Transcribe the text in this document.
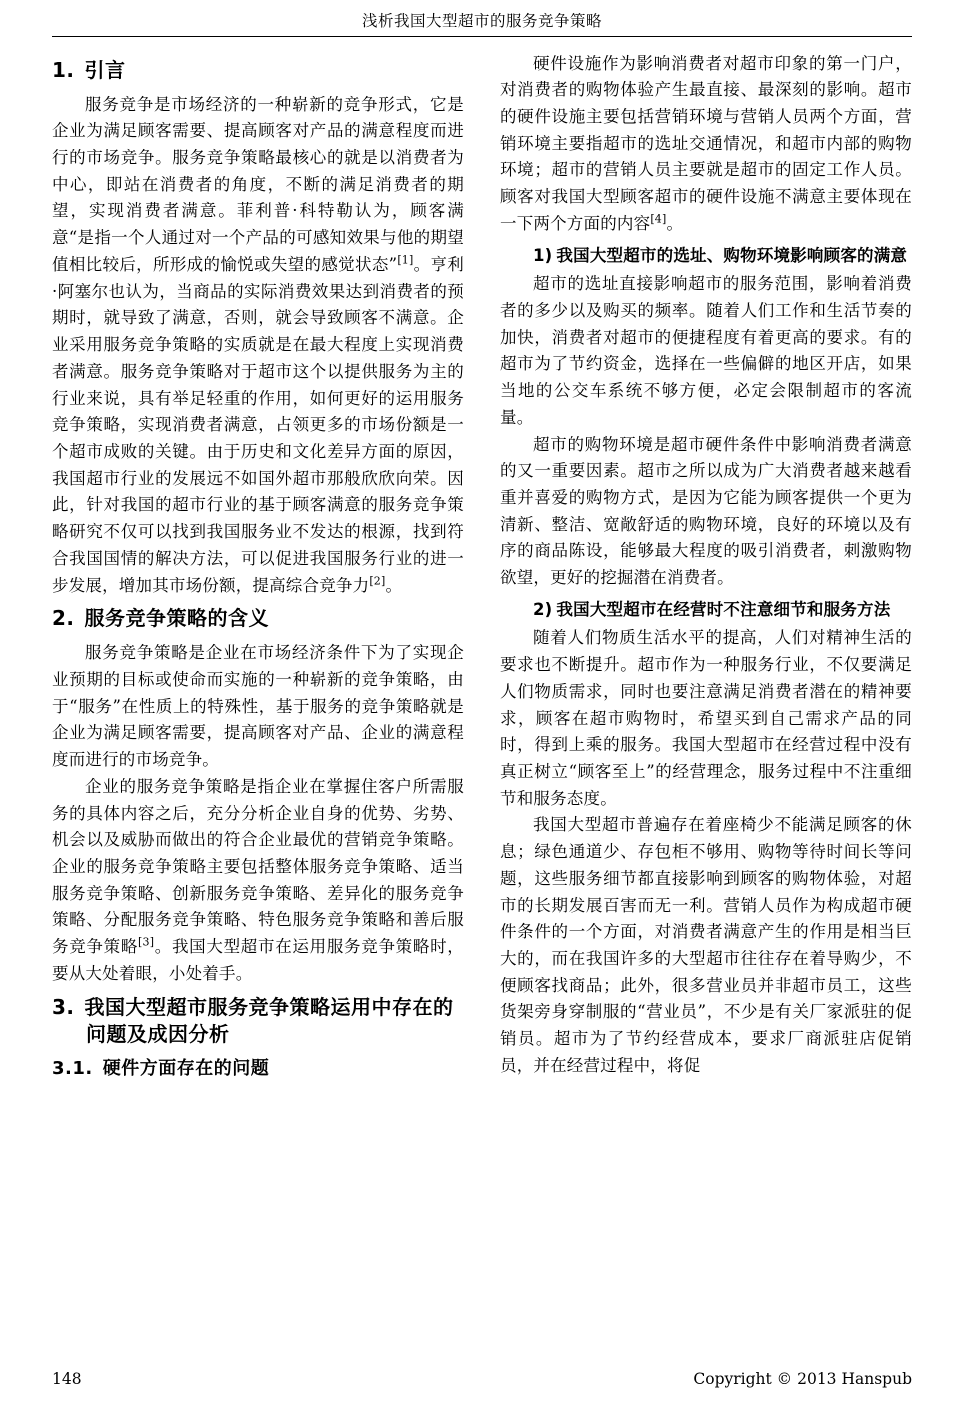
浅析我国大型超市的服务竞争策略
1. 引言

服务竞争是市场经济的一种崭新的竞争形式，它是企业为满足顾客需要、提高顾客对产品的满意程度而进行的市场竞争。服务竞争策略最核心的就是以消费者为中心，即站在消费者的角度，不断的满足消费者的期望，实现消费者满意。菲利普·科特勒认为，顾客满意“是指一个人通过对一个产品的可感知效果与他的期望值相比较后，所形成的愉悦或失望的感觉状态”[1]。亨利·阿塞尔也认为，当商品的实际消费效果达到消费者的预期时，就导致了满意，否则，就会导致顾客不满意。企业采用服务竞争策略的实质就是在最大程度上实现消费者满意。服务竞争策略对于超市这个以提供服务为主的行业来说，具有举足轻重的作用，如何更好的运用服务竞争策略，实现消费者满意，占领更多的市场份额是一个超市成败的关键。由于历史和文化差异方面的原因，我国超市行业的发展远不如国外超市那般欣欣向荣。因此，针对我国的超市行业的基于顾客满意的服务竞争策略研究不仅可以找到我国服务业不发达的根源，找到符合我国国情的解决方法，可以促进我国服务行业的进一步发展，增加其市场份额，提高综合竞争力[2]。

2. 服务竞争策略的含义

服务竞争策略是企业在市场经济条件下为了实现企业预期的目标或使命而实施的一种崭新的竞争策略，由于“服务”在性质上的特殊性，基于服务的竞争策略就是企业为满足顾客需要，提高顾客对产品、企业的满意程度而进行的市场竞争。

企业的服务竞争策略是指企业在掌握住客户所需服务的具体内容之后，充分分析企业自身的优势、劣势、机会以及威胁而做出的符合企业最优的营销竞争策略。企业的服务竞争策略主要包括整体服务竞争策略、适当服务竞争策略、创新服务竞争策略、差异化的服务竞争策略、分配服务竞争策略、特色服务竞争策略和善后服务竞争策略[3]。我国大型超市在运用服务竞争策略时，要从大处着眼，小处着手。

3. 我国大型超市服务竞争策略运用中存在的问题及成因分析
3.1. 硬件方面存在的问题

硬件设施作为影响消费者对超市印象的第一门户，对消费者的购物体验产生最直接、最深刻的影响。超市的硬件设施主要包括营销环境与营销人员两个方面，营销环境主要指超市的选址交通情况，和超市内部的购物环境；超市的营销人员主要就是超市的固定工作人员。顾客对我国大型顾客超市的硬件设施不满意主要体现在一下两个方面的内容[4]。

1) 我国大型超市的选址、购物环境影响顾客的满意

超市的选址直接影响超市的服务范围，影响着消费者的多少以及购买的频率。随着人们工作和生活节奏的加快，消费者对超市的便捷程度有着更高的要求。有的超市为了节约资金，选择在一些偏僻的地区开店，如果当地的公交车系统不够方便，必定会限制超市的客流量。

超市的购物环境是超市硬件条件中影响消费者满意的又一重要因素。超市之所以成为广大消费者越来越看重并喜爱的购物方式，是因为它能为顾客提供一个更为清新、整洁、宽敞舒适的购物环境，良好的环境以及有序的商品陈设，能够最大程度的吸引消费者，刺激购物欲望，更好的挖掘潜在消费者。

2) 我国大型超市在经营时不注意细节和服务方法

随着人们物质生活水平的提高，人们对精神生活的要求也不断提升。超市作为一种服务行业，不仅要满足人们物质需求，同时也要注意满足消费者潜在的精神要求，顾客在超市购物时，希望买到自己需求产品的同时，得到上乘的服务。我国大型超市在经营过程中没有真正树立“顾客至上”的经营理念，服务过程中不注重细节和服务态度。

我国大型超市普遍存在着座椅少不能满足顾客的休息；绿色通道少、存包柜不够用、购物等待时间长等问题，这些服务细节都直接影响到顾客的购物体验，对超市的长期发展百害而无一利。营销人员作为构成超市硬件条件的一个方面，对消费者满意产生的作用是相当巨大的，而在我国许多的大型超市往往存在着导购少，不便顾客找商品；此外，很多营业员并非超市员工，这些货架旁身穿制服的“营业员”，不少是有关厂家派驻的促销员。超市为了节约经营成本，要求厂商派驻店促销员，并在经营过程中，将促

148	Copyright © 2013 Hanspub
